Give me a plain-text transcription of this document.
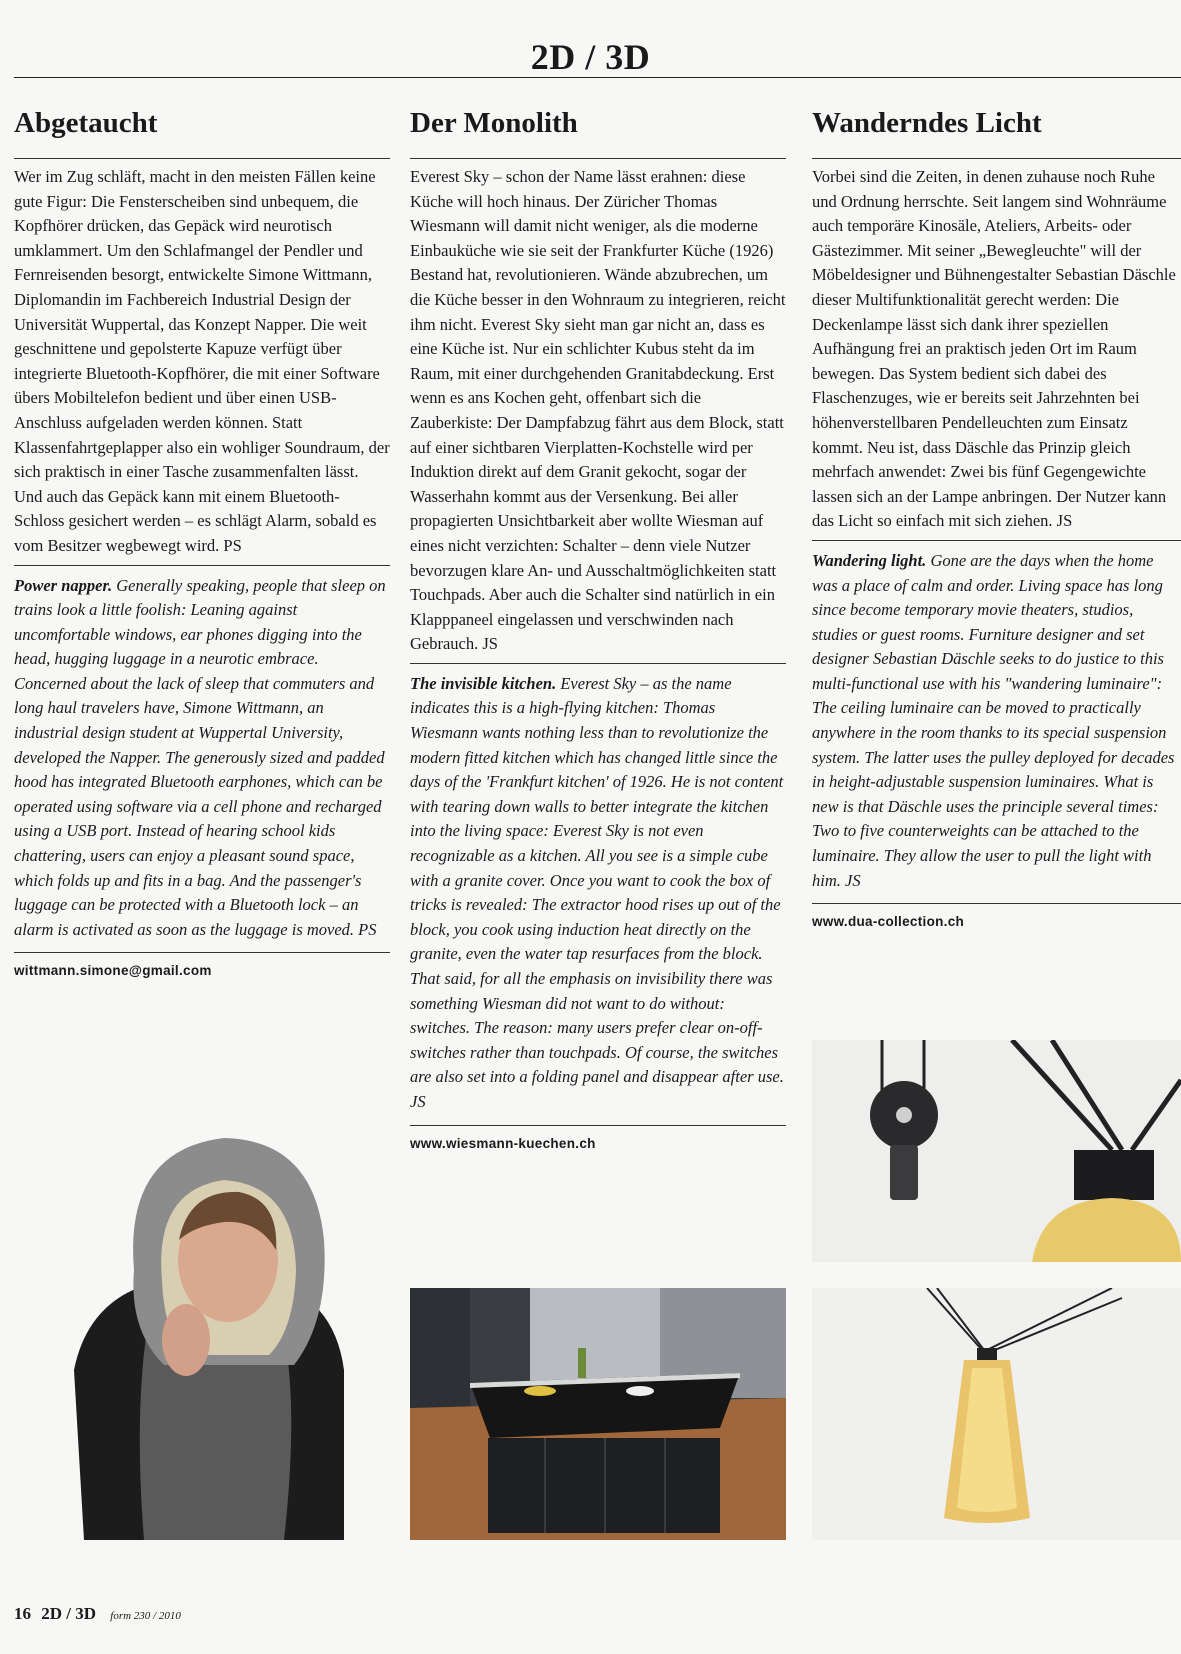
2D / 3D
Abgetaucht

Wer im Zug schläft, macht in den meisten Fällen keine gute Figur: Die Fensterscheiben sind unbequem, die Kopfhörer drücken, das Gepäck wird neurotisch umklammert. Um den Schlafmangel der Pendler und Fernreisenden besorgt, entwickelte Simone Wittmann, Diplomandin im Fachbereich Industrial Design der Universität Wuppertal, das Konzept Napper. Die weit geschnittene und gepolsterte Kapuze verfügt über integrierte Bluetooth-Kopfhörer, die mit einer Software übers Mobiltelefon bedient und über einen USB-Anschluss aufgeladen werden können. Statt Klassenfahrtgeplapper also ein wohliger Soundraum, der sich praktisch in einer Tasche zusammenfalten lässt. Und auch das Gepäck kann mit einem Bluetooth-Schloss gesichert werden – es schlägt Alarm, sobald es vom Besitzer wegbewegt wird. PS

Power napper. Generally speaking, people that sleep on trains look a little foolish: Leaning against uncomfortable windows, ear phones digging into the head, hugging luggage in a neurotic embrace. Concerned about the lack of sleep that commuters and long haul travelers have, Simone Wittmann, an industrial design student at Wuppertal University, developed the Napper. The generously sized and padded hood has integrated Bluetooth earphones, which can be operated using software via a cell phone and recharged using a USB port. Instead of hearing school kids chattering, users can enjoy a pleasant sound space, which folds up and fits in a bag. And the passenger's luggage can be protected with a Bluetooth lock – an alarm is activated as soon as the luggage is moved. PS

wittmann.simone@gmail.com
Der Monolith

Everest Sky – schon der Name lässt erahnen: diese Küche will hoch hinaus. Der Züricher Thomas Wiesmann will damit nicht weniger, als die moderne Einbauküche wie sie seit der Frankfurter Küche (1926) Bestand hat, revolutionieren. Wände abzubrechen, um die Küche besser in den Wohnraum zu integrieren, reicht ihm nicht. Everest Sky sieht man gar nicht an, dass es eine Küche ist. Nur ein schlichter Kubus steht da im Raum, mit einer durchgehenden Granitabdeckung. Erst wenn es ans Kochen geht, offenbart sich die Zauberkiste: Der Dampfabzug fährt aus dem Block, statt auf einer sichtbaren Vierplatten-Kochstelle wird per Induktion direkt auf dem Granit gekocht, sogar der Wasserhahn kommt aus der Versenkung. Bei aller propagierten Unsichtbarkeit aber wollte Wiesman auf eines nicht verzichten: Schalter – denn viele Nutzer bevorzugen klare An- und Ausschaltmöglichkeiten statt Touchpads. Aber auch die Schalter sind natürlich in ein Klapppaneel eingelassen und verschwinden nach Gebrauch. JS

The invisible kitchen. Everest Sky – as the name indicates this is a high-flying kitchen: Thomas Wiesmann wants nothing less than to revolutionize the modern fitted kitchen which has changed little since the days of the 'Frankfurt kitchen' of 1926. He is not content with tearing down walls to better integrate the kitchen into the living space: Everest Sky is not even recognizable as a kitchen. All you see is a simple cube with a granite cover. Once you want to cook the box of tricks is revealed: The extractor hood rises up out of the block, you cook using induction heat directly on the granite, even the water tap resurfaces from the block. That said, for all the emphasis on invisibility there was something Wiesman did not want to do without: switches. The reason: many users prefer clear on-off-switches rather than touchpads. Of course, the switches are also set into a folding panel and disappear after use. JS

www.wiesmann-kuechen.ch
Wanderndes Licht

Vorbei sind die Zeiten, in denen zuhause noch Ruhe und Ordnung herrschte. Seit langem sind Wohnräume auch temporäre Kinosäle, Ateliers, Arbeits- oder Gästezimmer. Mit seiner „Bewegleuchte" will der Möbeldesigner und Bühnengestalter Sebastian Däschle dieser Multifunktionalität gerecht werden: Die Deckenlampe lässt sich dank ihrer speziellen Aufhängung frei an praktisch jeden Ort im Raum bewegen. Das System bedient sich dabei des Flaschenzuges, wie er bereits seit Jahrzehnten bei höhenverstellbaren Pendelleuchten zum Einsatz kommt. Neu ist, dass Däschle das Prinzip gleich mehrfach anwendet: Zwei bis fünf Gegengewichte lassen sich an der Lampe anbringen. Der Nutzer kann das Licht so einfach mit sich ziehen. JS

Wandering light. Gone are the days when the home was a place of calm and order. Living space has long since become temporary movie theaters, studios, studies or guest rooms. Furniture designer and set designer Sebastian Däschle seeks to do justice to this multi-functional use with his "wandering luminaire": The ceiling luminaire can be moved to practically anywhere in the room thanks to its special suspension system. The latter uses the pulley deployed for decades in height-adjustable suspension luminaires. What is new is that Däschle uses the principle several times: Two to five counterweights can be attached to the luminaire. They allow the user to pull the light with him. JS

www.dua-collection.ch
16 2D / 3D form 230 / 2010
